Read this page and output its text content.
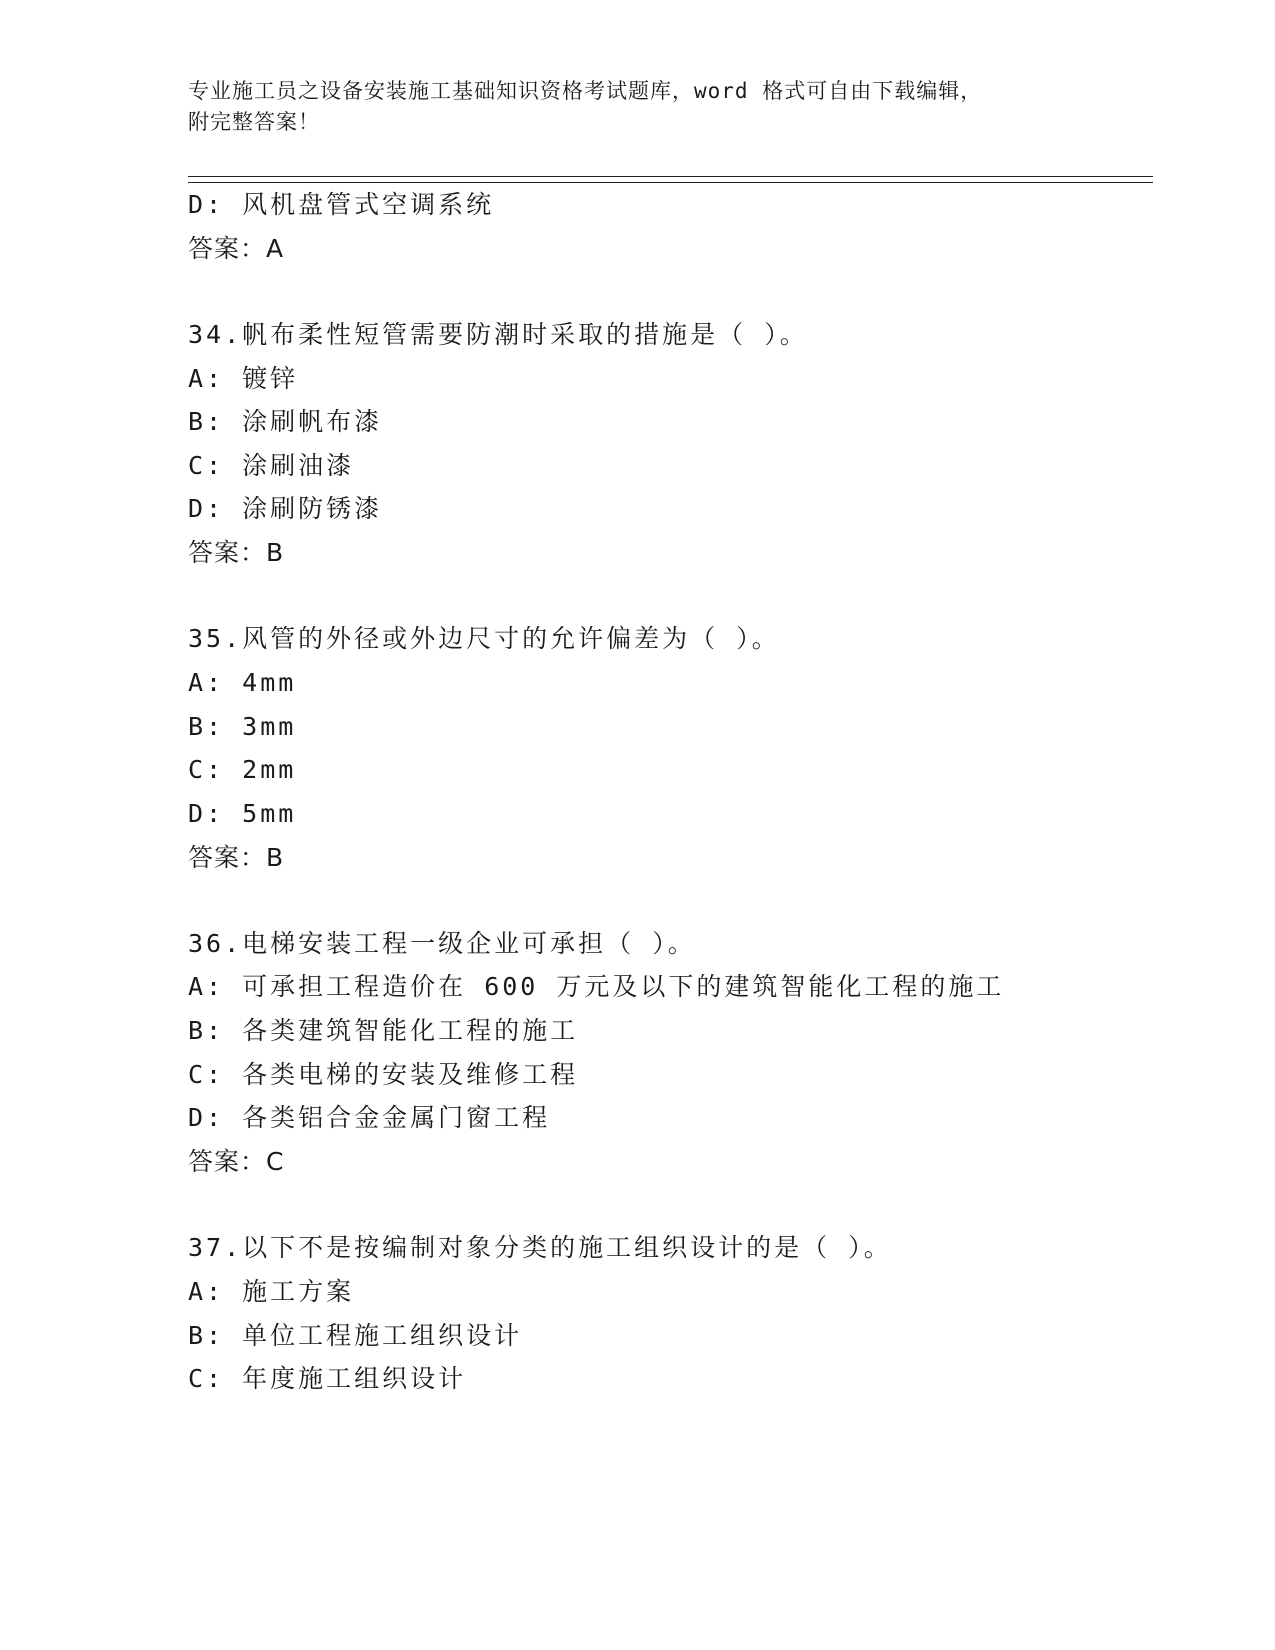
专业施工员之设备安装施工基础知识资格考试题库，word 格式可自由下载编辑，
附完整答案！
D: 风机盘管式空调系统
答案：A
34.帆布柔性短管需要防潮时采取的措施是（ ）。
A: 镀锌
B: 涂刷帆布漆
C: 涂刷油漆
D: 涂刷防锈漆
答案：B
35.风管的外径或外边尺寸的允许偏差为（ ）。
A: 4mm
B: 3mm
C: 2mm
D: 5mm
答案：B
36.电梯安装工程一级企业可承担（ ）。
A: 可承担工程造价在 600 万元及以下的建筑智能化工程的施工
B: 各类建筑智能化工程的施工
C: 各类电梯的安装及维修工程
D: 各类铝合金金属门窗工程
答案：C
37.以下不是按编制对象分类的施工组织设计的是（ ）。
A: 施工方案
B: 单位工程施工组织设计
C: 年度施工组织设计
